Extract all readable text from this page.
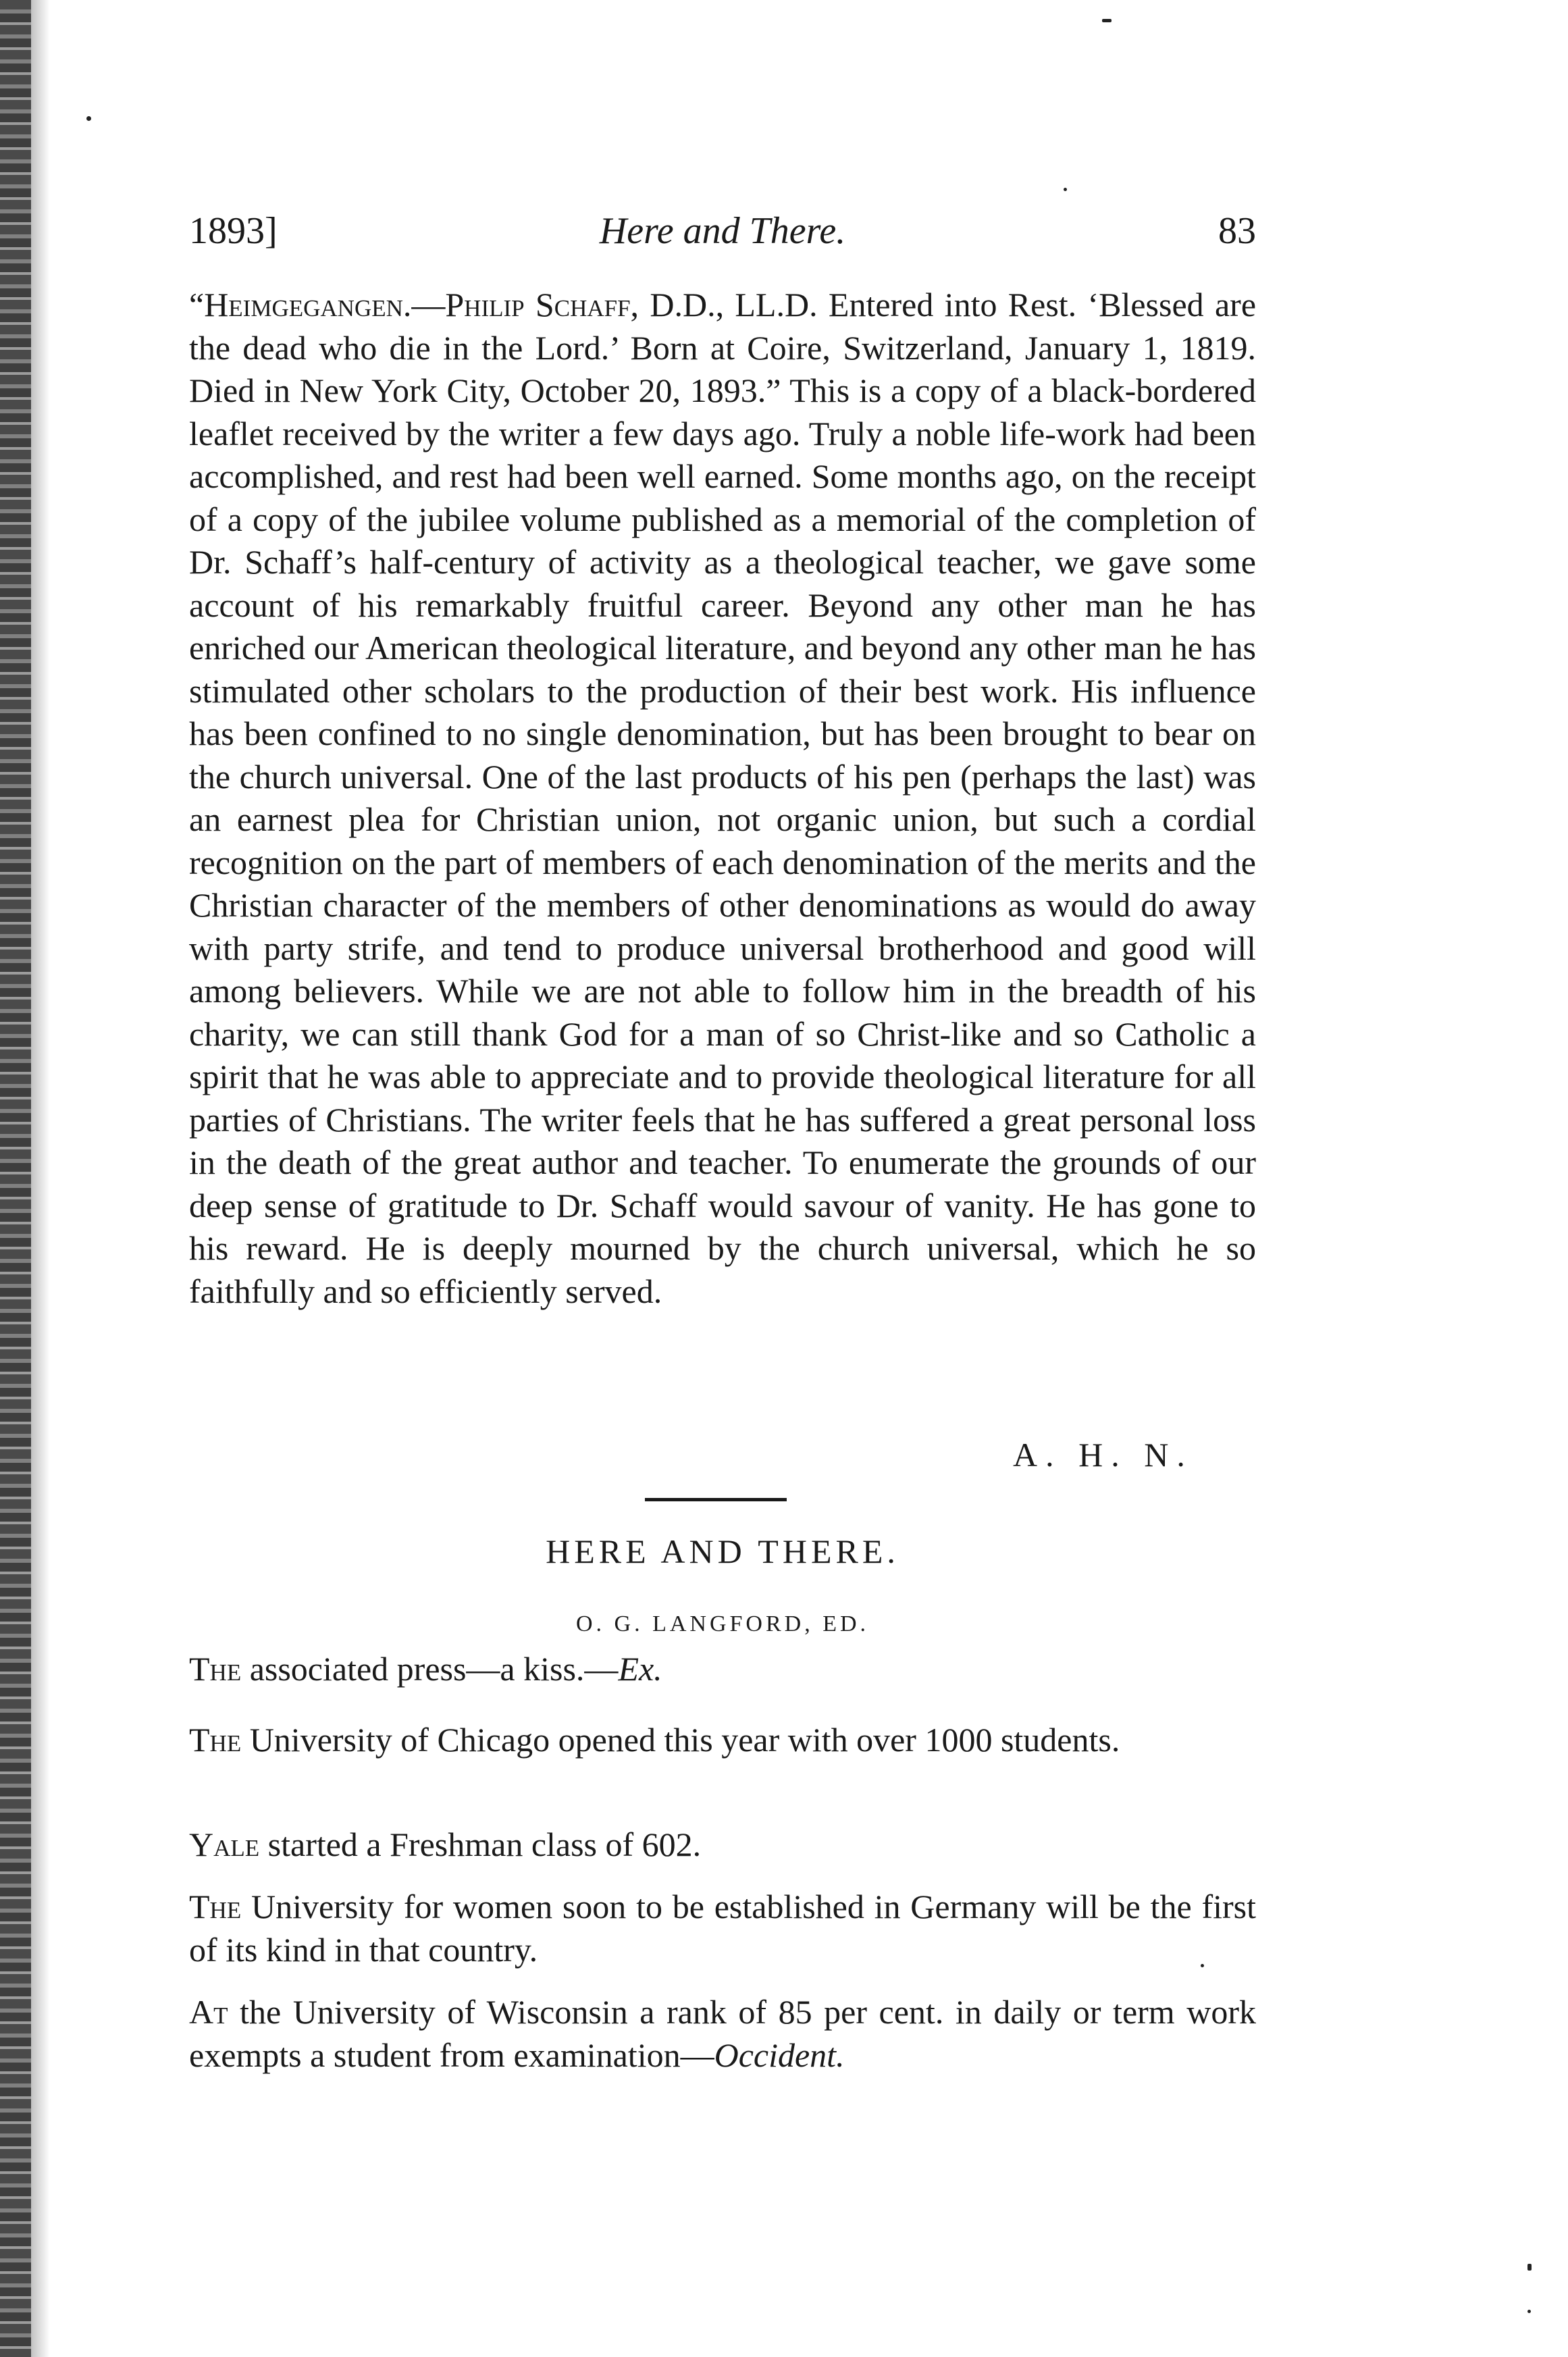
1893]	Here and There.	83

“Heimgegangen.—Philip Schaff, D.D., LL.D. Entered into Rest. ‘Blessed are the dead who die in the Lord.’ Born at Coire, Switzerland, January 1, 1819. Died in New York City, October 20, 1893.” This is a copy of a black-bordered leaflet received by the writer a few days ago. Truly a noble life-work had been accomplished, and rest had been well earned. Some months ago, on the receipt of a copy of the jubilee volume published as a memorial of the completion of Dr. Schaff’s half-century of activity as a theological teacher, we gave some account of his remarkably fruitful career. Beyond any other man he has enriched our American theological literature, and beyond any other man he has stimulated other scholars to the production of their best work. His influence has been confined to no single denomination, but has been brought to bear on the church universal. One of the last products of his pen (perhaps the last) was an earnest plea for Christian union, not organic union, but such a cordial recognition on the part of members of each denomination of the merits and the Christian character of the members of other denominations as would do away with party strife, and tend to produce universal brotherhood and good will among believers. While we are not able to follow him in the breadth of his charity, we can still thank God for a man of so Christ-like and so Catholic a spirit that he was able to appreciate and to provide theological literature for all parties of Christians. The writer feels that he has suffered a great personal loss in the death of the great author and teacher. To enumerate the grounds of our deep sense of gratitude to Dr. Schaff would savour of vanity. He has gone to his reward. He is deeply mourned by the church universal, which he so faithfully and so efficiently served.

A. H. N.
HERE AND THERE.
O. G. LANGFORD, ED.

The associated press—a kiss.—Ex.

The University of Chicago opened this year with over 1000 students.

Yale started a Freshman class of 602.

The University for women soon to be established in Germany will be the first of its kind in that country.

At the University of Wisconsin a rank of 85 per cent. in daily or term work exempts a student from examination—Occident.
